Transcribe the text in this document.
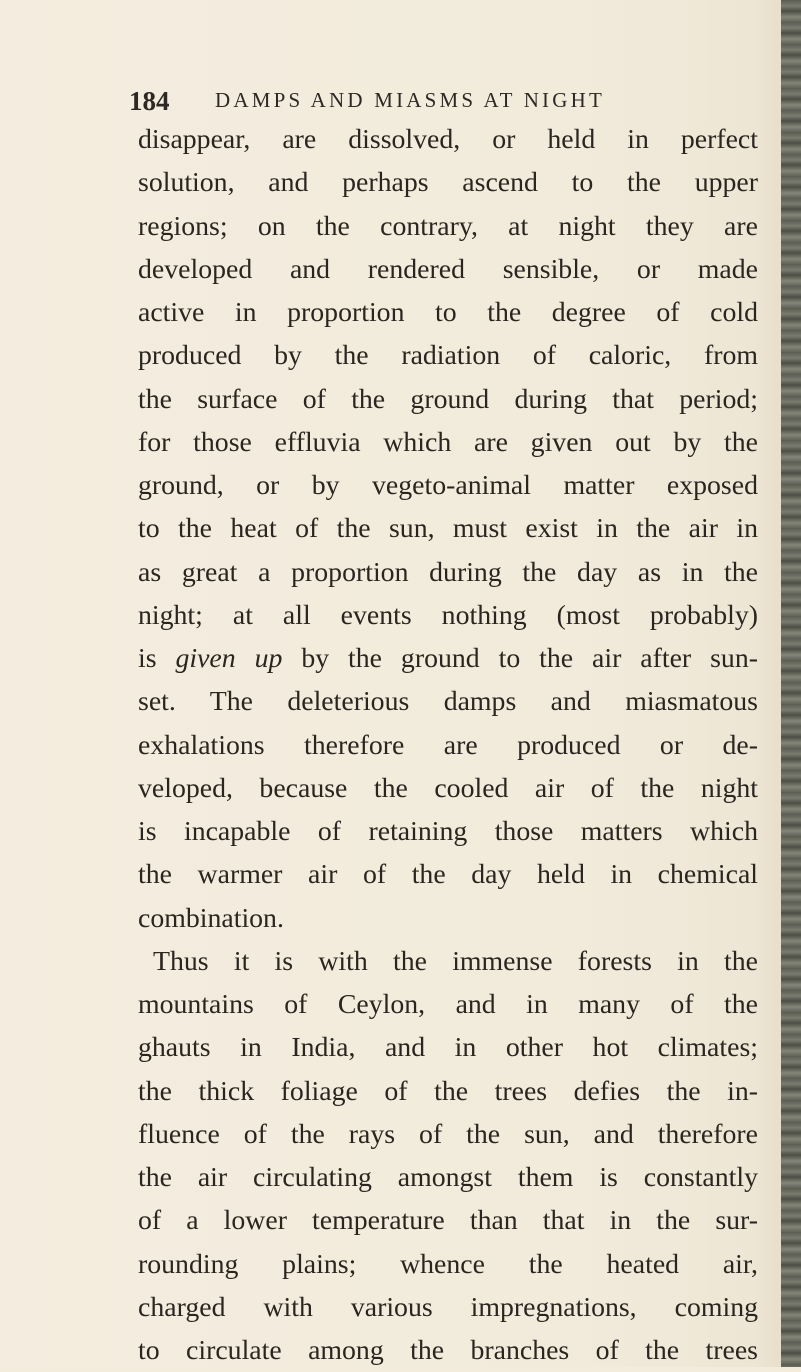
184 DAMPS AND MIASMS AT NIGHT
disappear, are dissolved, or held in perfect
solution, and perhaps ascend to the upper
regions; on the contrary, at night they are
developed and rendered sensible, or made
active in proportion to the degree of cold
produced by the radiation of caloric, from
the surface of the ground during that period;
for those effluvia which are given out by the
ground, or by vegeto-animal matter exposed
to the heat of the sun, must exist in the air in
as great a proportion during the day as in the
night; at all events nothing (most probably)
is given up by the ground to the air after sun-
set. The deleterious damps and miasmatous
exhalations therefore are produced or de-
veloped, because the cooled air of the night
is incapable of retaining those matters which
the warmer air of the day held in chemical
combination.
Thus it is with the immense forests in the
mountains of Ceylon, and in many of the
ghauts in India, and in other hot climates;
the thick foliage of the trees defies the in-
fluence of the rays of the sun, and therefore
the air circulating amongst them is constantly
of a lower temperature than that in the sur-
rounding plains; whence the heated air,
charged with various impregnations, coming
to circulate among the branches of the trees
